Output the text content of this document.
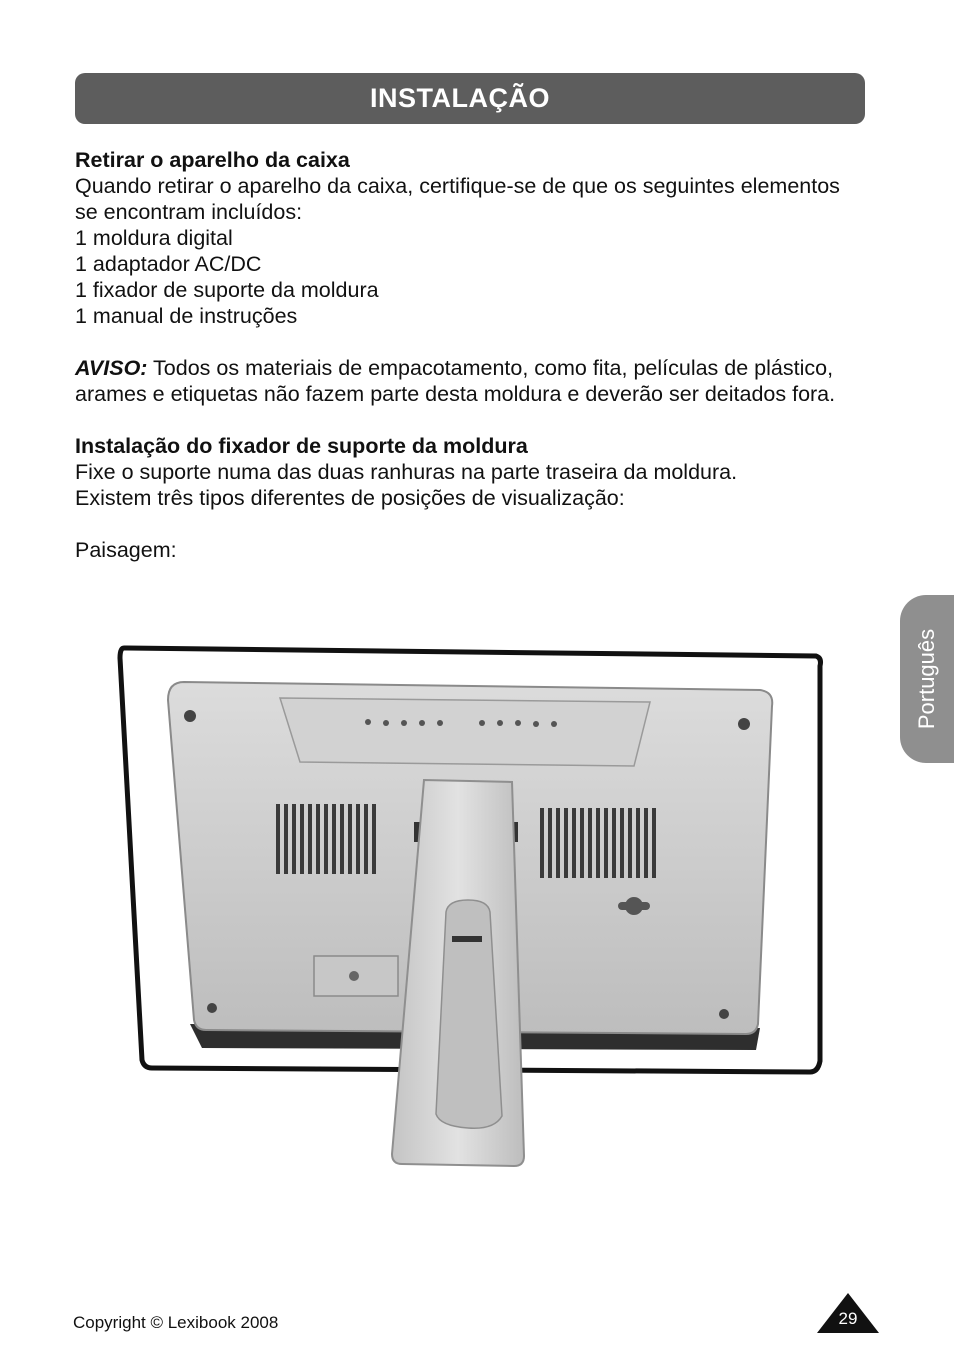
INSTALAÇÃO

Retirar o aparelho da caixa

Quando retirar o aparelho da caixa, certifique-se de que os seguintes elementos se encontram incluídos:

1 moldura digital

1 adaptador AC/DC

1 fixador de suporte da moldura

1 manual de instruções

AVISO: Todos os materiais de empacotamento, como fita, películas de plástico, arames e etiquetas não fazem parte desta moldura e deverão ser deitados fora.

Instalação do fixador de suporte da moldura

Fixe o suporte numa das duas ranhuras na parte traseira da moldura.

Existem três tipos diferentes de posições de visualização:

Paisagem:

Português
Copyright © Lexibook 2008	29
